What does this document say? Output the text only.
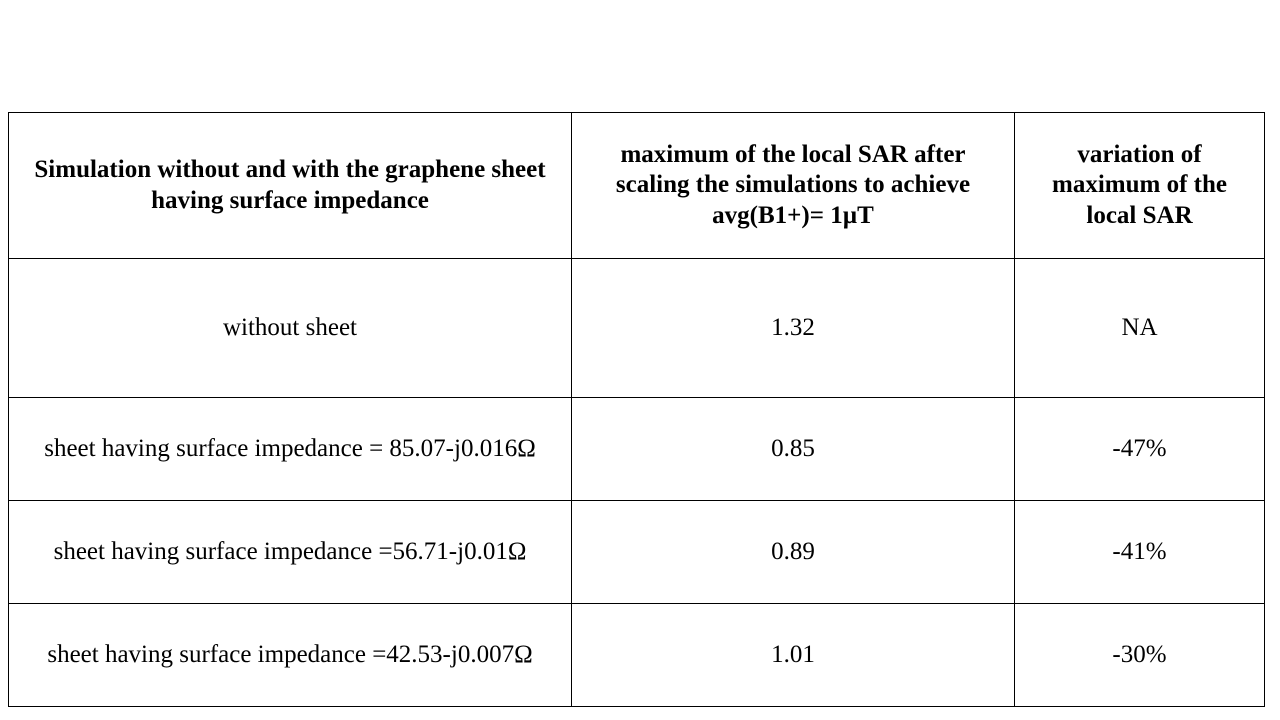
Simulation without and with the graphene sheet having surface impedance	maximum of the local SAR after scaling the simulations to achieve avg(B1+)= 1µT	variation of maximum of the local SAR
without sheet	1.32	NA
sheet having surface impedance = 85.07-j0.016Ω	0.85	-47%
sheet having surface impedance =56.71-j0.01Ω	0.89	-41%
sheet having surface impedance =42.53-j0.007Ω	1.01	-30%
